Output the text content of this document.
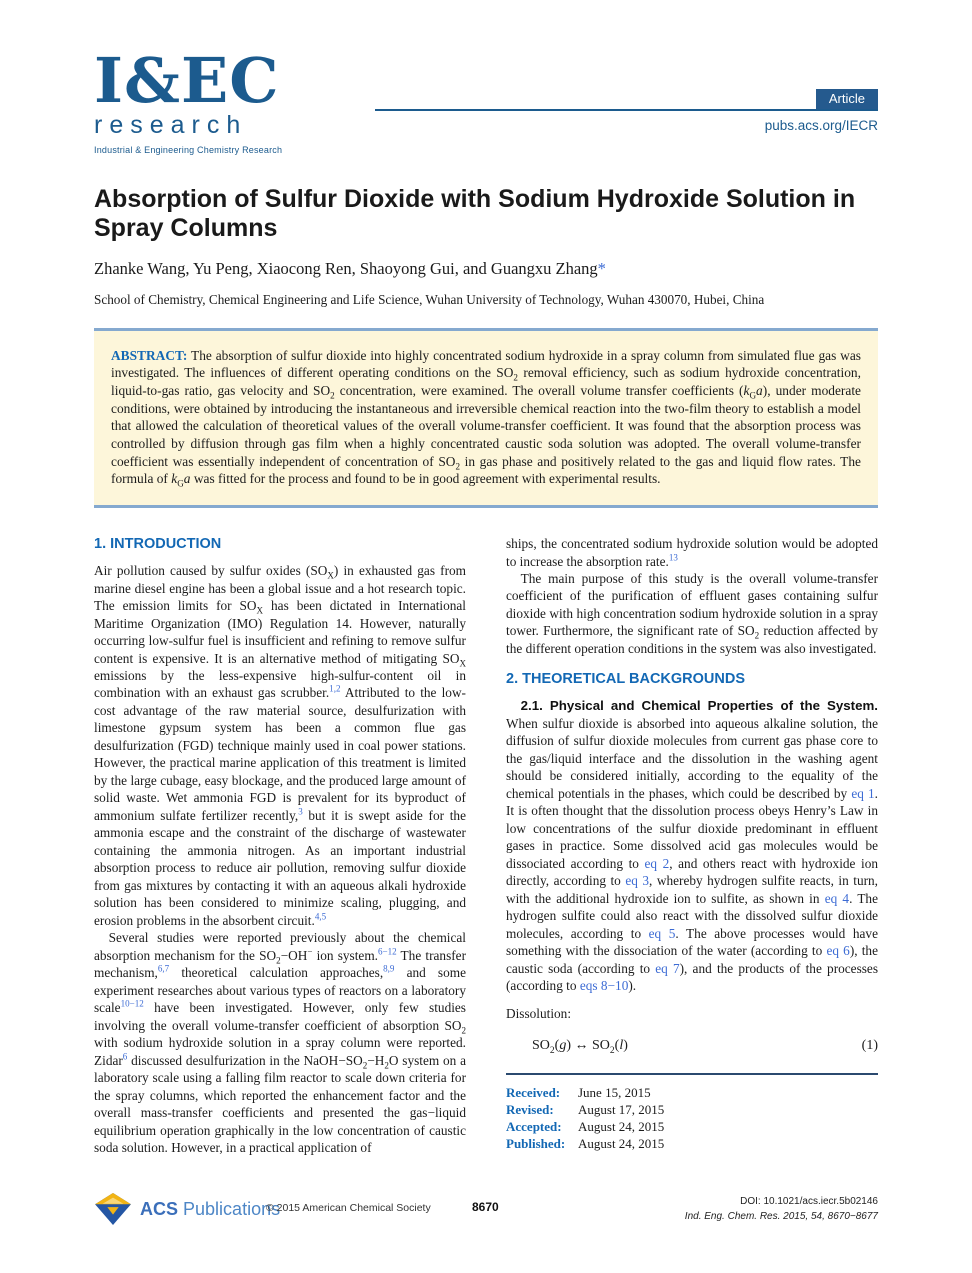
I&EC
research
Industrial & Engineering Chemistry Research
Article
pubs.acs.org/IECR
Absorption of Sulfur Dioxide with Sodium Hydroxide Solution in Spray Columns
Zhanke Wang, Yu Peng, Xiaocong Ren, Shaoyong Gui, and Guangxu Zhang*
School of Chemistry, Chemical Engineering and Life Science, Wuhan University of Technology, Wuhan 430070, Hubei, China
ABSTRACT: The absorption of sulfur dioxide into highly concentrated sodium hydroxide in a spray column from simulated flue gas was investigated. The influences of different operating conditions on the $SO_2$ removal efficiency, such as sodium hydroxide concentration, liquid-to-gas ratio, gas velocity and $SO_2$ concentration, were examined. The overall volume transfer coefficients $(k_Ga)$, under moderate conditions, were obtained by introducing the instantaneous and irreversible chemical reaction into the two-film theory to establish a model that allowed the calculation of theoretical values of the overall volume-transfer coefficient. It was found that the absorption process was controlled by diffusion through gas film when a highly concentrated caustic soda solution was adopted. The overall volume-transfer coefficient was essentially independent of concentration of $SO_2$ in gas phase and positively related to the gas and liquid flow rates. The formula of $k_Ga$ was fitted for the process and found to be in good agreement with experimental results.
1. INTRODUCTION

Air pollution caused by sulfur oxides $(SO_X)$ in exhausted gas from marine diesel engine has been a global issue and a hot research topic. The emission limits for $SO_X$ has been dictated in International Maritime Organization (IMO) Regulation 14. However, naturally occurring low-sulfur fuel is insufficient and refining to remove sulfur content is expensive. It is an alternative method of mitigating $SO_X$ emissions by the less-expensive high-sulfur-content oil in combination with an exhaust gas scrubber.$^{1,2}$ Attributed to the low-cost advantage of the raw material source, desulfurization with limestone gypsum system has been a common flue gas desulfurization (FGD) technique mainly used in coal power stations. However, the practical marine application of this treatment is limited by the large cubage, easy blockage, and the produced large amount of solid waste. Wet ammonia FGD is prevalent for its byproduct of ammonium sulfate fertilizer recently,$^3$ but it is swept aside for the ammonia escape and the constraint of the discharge of wastewater containing the ammonia nitrogen. As an important industrial absorption process to reduce air pollution, removing sulfur dioxide from gas mixtures by contacting it with an aqueous alkali hydroxide solution has been considered to minimize scaling, plugging, and erosion problems in the absorbent circuit.$^{4,5}$

Several studies were reported previously about the chemical absorption mechanism for the $SO_2-OH^-$ ion system.$^{6-12}$ The transfer mechanism,$^{6,7}$ theoretical calculation approaches,$^{8,9}$ and some experiment researches about various types of reactors on a laboratory scale$^{10-12}$ have been investigated. However, only few studies involving the overall volume-transfer coefficient of absorption $SO_2$ with sodium hydroxide solution in a spray column were reported. Zidar$^6$ discussed desulfurization in the $NaOH-SO_2-H_2O$ system on a laboratory scale using a falling film reactor to scale down criteria for the spray columns, which reported the enhancement factor and the overall mass-transfer coefficients and presented the gas−liquid equilibrium operation graphically in the low concentration of caustic soda solution. However, in a practical application of

ships, the concentrated sodium hydroxide solution would be adopted to increase the absorption rate.$^{13}$

The main purpose of this study is the overall volume-transfer coefficient of the purification of effluent gases containing sulfur dioxide with high concentration sodium hydroxide solution in a spray tower. Furthermore, the significant rate of $SO_2$ reduction affected by the different operation conditions in the system was also investigated.

2. THEORETICAL BACKGROUNDS

2.1. Physical and Chemical Properties of the System. When sulfur dioxide is absorbed into aqueous alkaline solution, the diffusion of sulfur dioxide molecules from current gas phase core to the gas/liquid interface and the dissolution in the washing agent should be considered initially, according to the equality of the chemical potentials in the phases, which could be described by eq 1. It is often thought that the dissolution process obeys Henry’s Law in low concentrations of the sulfur dioxide predominant in effluent gases in practice. Some dissolved acid gas molecules would be dissociated according to eq 2, and others react with hydroxide ion directly, according to eq 3, whereby hydrogen sulfite reacts, in turn, with the additional hydroxide ion to sulfite, as shown in eq 4. The hydrogen sulfite could also react with the dissolved sulfur dioxide molecules, according to eq 5. The above processes would have something with the dissociation of the water (according to eq 6), the caustic soda (according to eq 7), and the products of the processes (according to eqs 8−10).

Dissolution:

$SO_2(g)$ ↔ $SO_2(l)$	(1)
Received:	June 15, 2015
Revised:	August 17, 2015
Accepted:	August 24, 2015
Published: August 24, 2015
ACS Publications
© 2015 American Chemical Society	8670	DOI: 10.1021/acs.iecr.5b02146
Ind. Eng. Chem. Res. 2015, 54, 8670−8677
